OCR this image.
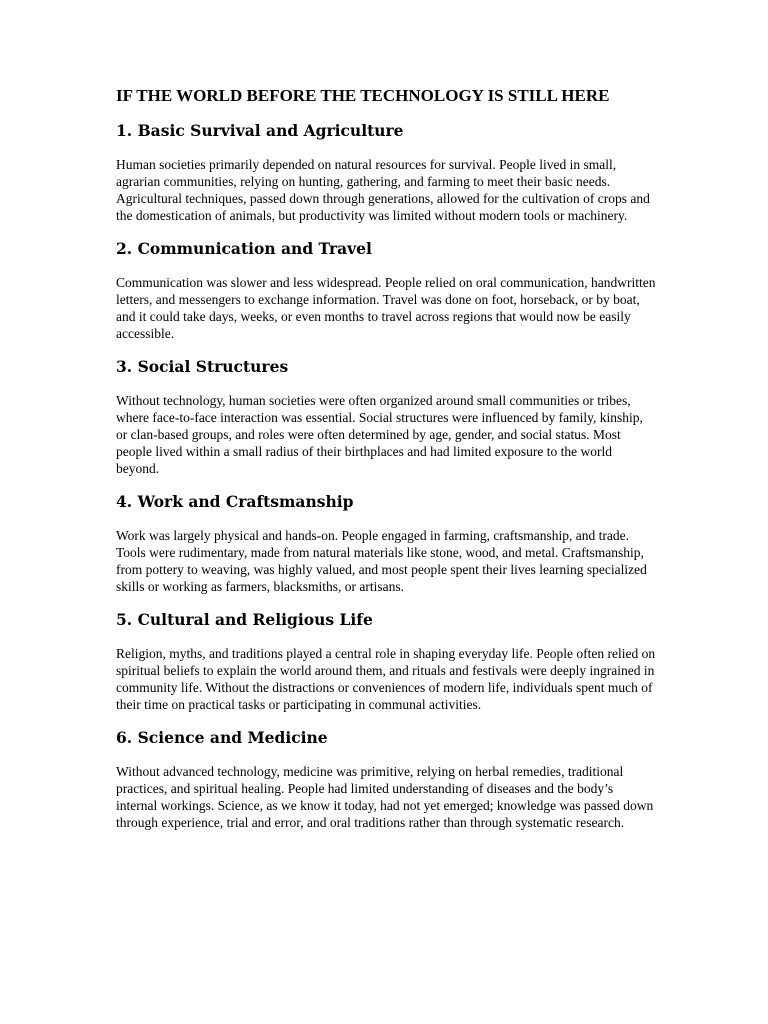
IF THE WORLD BEFORE THE TECHNOLOGY IS STILL HERE
1. Basic Survival and Agriculture

Human societies primarily depended on natural resources for survival. People lived in small, agrarian communities, relying on hunting, gathering, and farming to meet their basic needs. Agricultural techniques, passed down through generations, allowed for the cultivation of crops and the domestication of animals, but productivity was limited without modern tools or machinery.

2. Communication and Travel

Communication was slower and less widespread. People relied on oral communication, handwritten letters, and messengers to exchange information. Travel was done on foot, horseback, or by boat, and it could take days, weeks, or even months to travel across regions that would now be easily accessible.

3. Social Structures

Without technology, human societies were often organized around small communities or tribes, where face-to-face interaction was essential. Social structures were influenced by family, kinship, or clan-based groups, and roles were often determined by age, gender, and social status. Most people lived within a small radius of their birthplaces and had limited exposure to the world beyond.

4. Work and Craftsmanship

Work was largely physical and hands-on. People engaged in farming, craftsmanship, and trade. Tools were rudimentary, made from natural materials like stone, wood, and metal. Craftsmanship, from pottery to weaving, was highly valued, and most people spent their lives learning specialized skills or working as farmers, blacksmiths, or artisans.

5. Cultural and Religious Life

Religion, myths, and traditions played a central role in shaping everyday life. People often relied on spiritual beliefs to explain the world around them, and rituals and festivals were deeply ingrained in community life. Without the distractions or conveniences of modern life, individuals spent much of their time on practical tasks or participating in communal activities.

6. Science and Medicine

Without advanced technology, medicine was primitive, relying on herbal remedies, traditional practices, and spiritual healing. People had limited understanding of diseases and the body’s internal workings. Science, as we know it today, had not yet emerged; knowledge was passed down through experience, trial and error, and oral traditions rather than through systematic research.
